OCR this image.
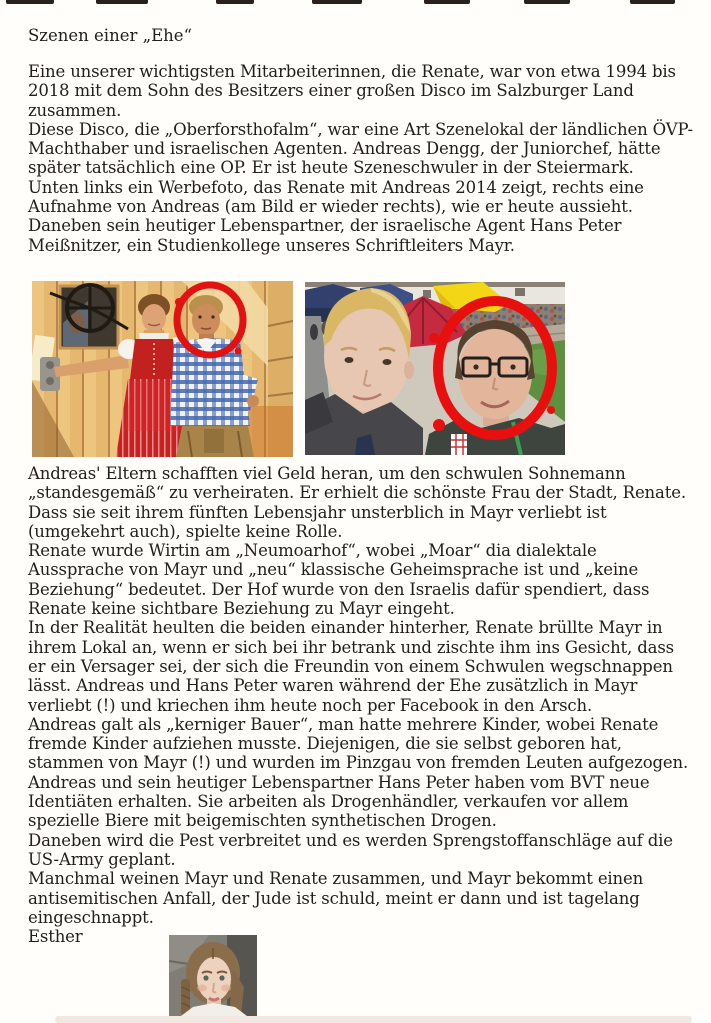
Szenen einer „Ehe“

Eine unserer wichtigsten Mitarbeiterinnen, die Renate, war von etwa 1994 bis 2018 mit dem Sohn des Besitzers einer großen Disco im Salzburger Land zusammen.

Diese Disco, die „Oberforsthofalm“, war eine Art Szenelokal der ländlichen ÖVP-Machthaber und israelischen Agenten. Andreas Dengg, der Juniorchef, hätte später tatsächlich eine OP. Er ist heute Szeneschwuler in der Steiermark.

Unten links ein Werbefoto, das Renate mit Andreas 2014 zeigt, rechts eine Aufnahme von Andreas (am Bild er wieder rechts), wie er heute aussieht. Daneben sein heutiger Lebenspartner, der israelische Agent Hans Peter Meißnitzer, ein Studienkollege unseres Schriftleiters Mayr.

Andreas' Eltern schafften viel Geld heran, um den schwulen Sohnemann „standesgemäß“ zu verheiraten. Er erhielt die schönste Frau der Stadt, Renate. Dass sie seit ihrem fünften Lebensjahr unsterblich in Mayr verliebt ist (umgekehrt auch), spielte keine Rolle.

Renate wurde Wirtin am „Neumoarhof“, wobei „Moar“ dia dialektale Aussprache von Mayr und „neu“ klassische Geheimsprache ist und „keine Beziehung“ bedeutet. Der Hof wurde von den Israelis dafür spendiert, dass Renate keine sichtbare Beziehung zu Mayr eingeht.

In der Realität heulten die beiden einander hinterher, Renate brüllte Mayr in ihrem Lokal an, wenn er sich bei ihr betrank und zischte ihm ins Gesicht, dass er ein Versager sei, der sich die Freundin von einem Schwulen wegschnappen lässt. Andreas und Hans Peter waren während der Ehe zusätzlich in Mayr verliebt (!) und kriechen ihm heute noch per Facebook in den Arsch.

Andreas galt als „kerniger Bauer“, man hatte mehrere Kinder, wobei Renate fremde Kinder aufziehen musste. Diejenigen, die sie selbst geboren hat, stammen von Mayr (!) und wurden im Pinzgau von fremden Leuten aufgezogen.

Andreas und sein heutiger Lebenspartner Hans Peter haben vom BVT neue Identiäten erhalten. Sie arbeiten als Drogenhändler, verkaufen vor allem spezielle Biere mit beigemischten synthetischen Drogen.

Daneben wird die Pest verbreitet und es werden Sprengstoffanschläge auf die US-Army geplant.

Manchmal weinen Mayr und Renate zusammen, und Mayr bekommt einen antisemitischen Anfall, der Jude ist schuld, meint er dann und ist tagelang eingeschnappt.

Esther
